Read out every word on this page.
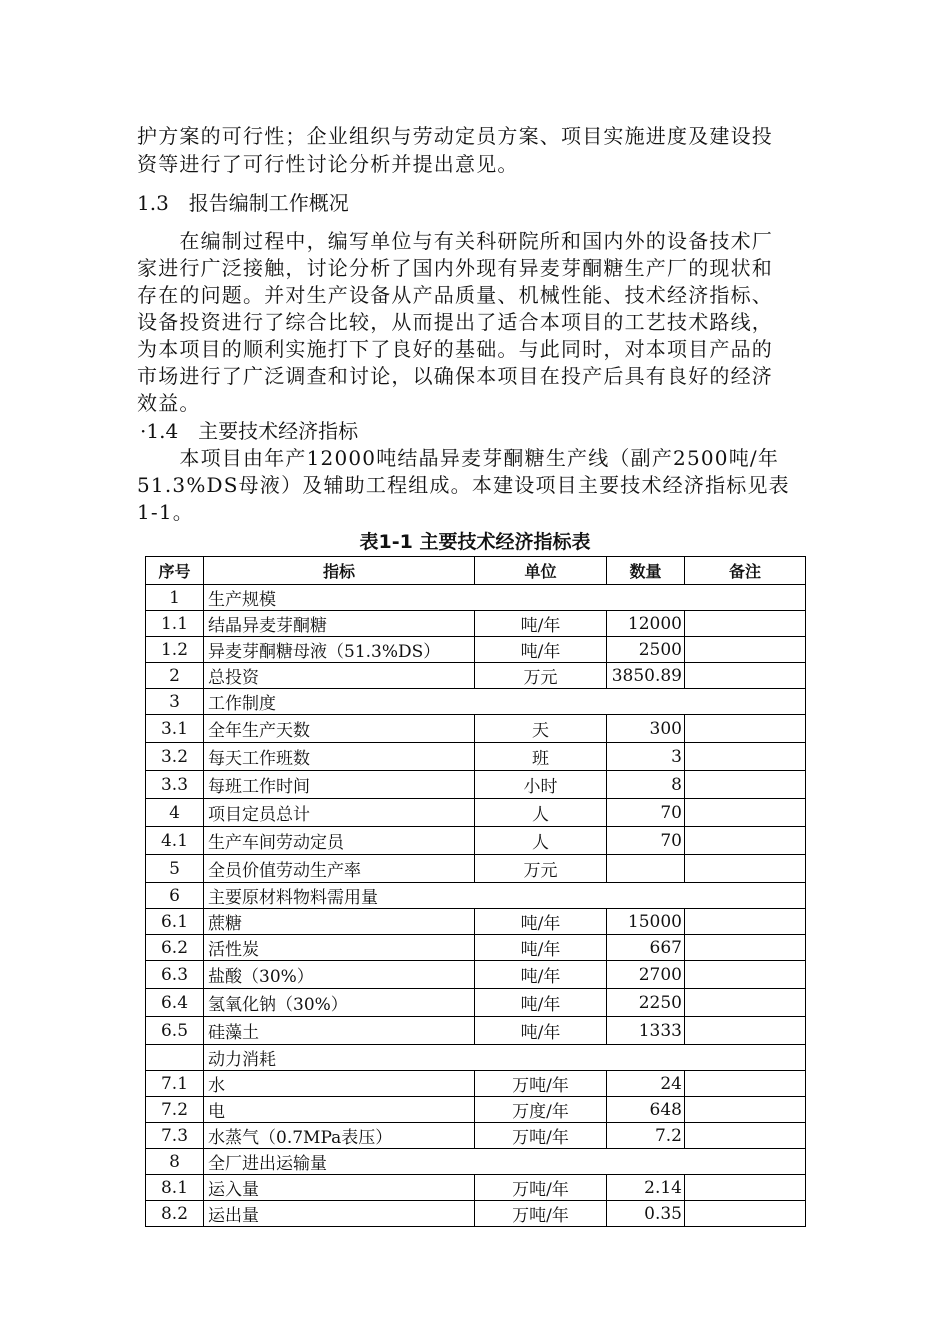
护方案的可行性；企业组织与劳动定员方案、项目实施进度及建设投

资等进行了可行性讨论分析并提出意见。

1.3　报告编制工作概况

　　在编制过程中，编写单位与有关科研院所和国内外的设备技术厂

家进行广泛接触，讨论分析了国内外现有异麦芽酮糖生产厂的现状和

存在的问题。并对生产设备从产品质量、机械性能、技术经济指标、

设备投资进行了综合比较，从而提出了适合本项目的工艺技术路线，

为本项目的顺利实施打下了良好的基础。与此同时，对本项目产品的

市场进行了广泛调查和讨论，以确保本项目在投产后具有良好的经济

效益。

·1.4　主要技术经济指标

　　本项目由年产12000吨结晶异麦芽酮糖生产线（副产2500吨/年

51.3%DS母液）及辅助工程组成。本建设项目主要技术经济指标见表

1-1。

表1-1 主要技术经济指标表
序号	指标	单位	数量	备注
1	生产规模			
1.1	结晶异麦芽酮糖	吨/年	12000	
1.2	异麦芽酮糖母液（51.3%DS）	吨/年	2500	
2	总投资	万元	3850.89	
3	工作制度			
3.1	全年生产天数	天	300	
3.2	每天工作班数	班	3	
3.3	每班工作时间	小时	8	
4	项目定员总计	人	70	
4.1	生产车间劳动定员	人	70	
5	全员价值劳动生产率	万元		
6	主要原材料物料需用量			
6.1	蔗糖	吨/年	15000	
6.2	活性炭	吨/年	667	
6.3	盐酸（30%）	吨/年	2700	
6.4	氢氧化钠（30%）	吨/年	2250	
6.5	硅藻土	吨/年	1333	
	动力消耗			
7.1	水	万吨/年	24	
7.2	电	万度/年	648	
7.3	水蒸气（0.7MPa表压）	万吨/年	7.2	
8	全厂进出运输量			
8.1	运入量	万吨/年	2.14	
8.2	运出量	万吨/年	0.35	
